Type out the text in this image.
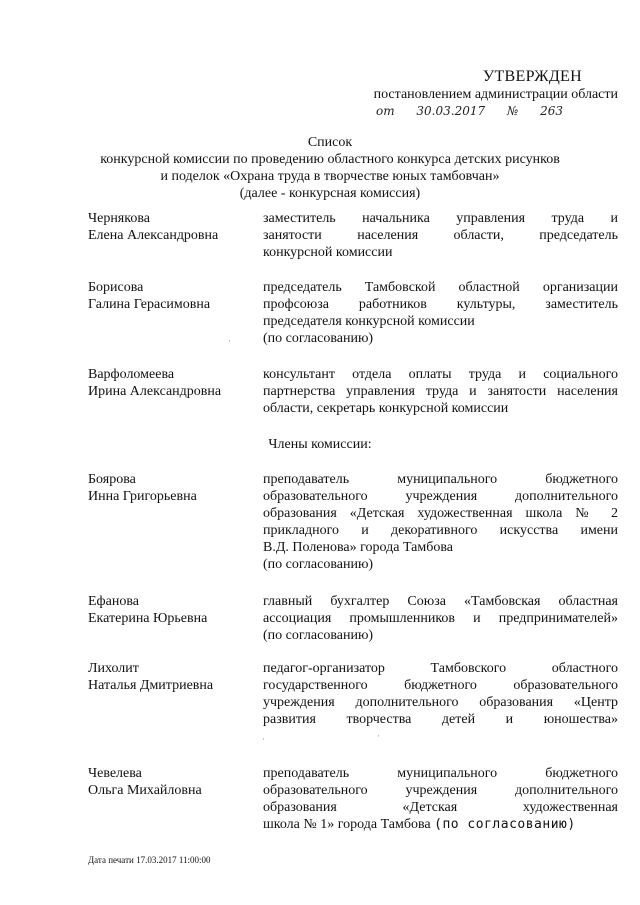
УТВЕРЖДЕН
постановлением администрации области
от 30.03.2017 № 263
Список
конкурсной комиссии по проведению областного конкурса детских рисунков
и поделок «Охрана труда в творчестве юных тамбовчан»
(далее - конкурсная комиссия)
Чернякова
Елена Александровна
заместитель начальника управления труда и
занятости населения области, председатель
конкурсной комиссии
Борисова
Галина Герасимовна
председатель Тамбовской областной организации
профсоюза работников культуры, заместитель
председателя конкурсной комиссии
(по согласованию)
Варфоломеева
Ирина Александровна
консультант отдела оплаты труда и социального
партнерства управления труда и занятости населения
области, секретарь конкурсной комиссии
Члены комиссии:
Боярова
Инна Григорьевна
преподаватель муниципального бюджетного
образовательного учреждения дополнительного
образования «Детская художественная школа № 2
прикладного и декоративного искусства имени
В.Д. Поленова» города Тамбова
(по согласованию)
Ефанова
Екатерина Юрьевна
главный бухгалтер Союза «Тамбовская областная
ассоциация промышленников и предпринимателей»
(по согласованию)
Лихолит
Наталья Дмитриевна
педагог-организатор Тамбовского областного
государственного бюджетного образовательного
учреждения дополнительного образования «Центр
развития творчества детей и юношества»
Чевелева
Ольга Михайловна
преподаватель муниципального бюджетного
образовательного учреждения дополнительного
образования «Детская художественная
школа № 1» города Тамбова (по согласованию)
·
·	·
Дата печати 17.03.2017 11:00:00
